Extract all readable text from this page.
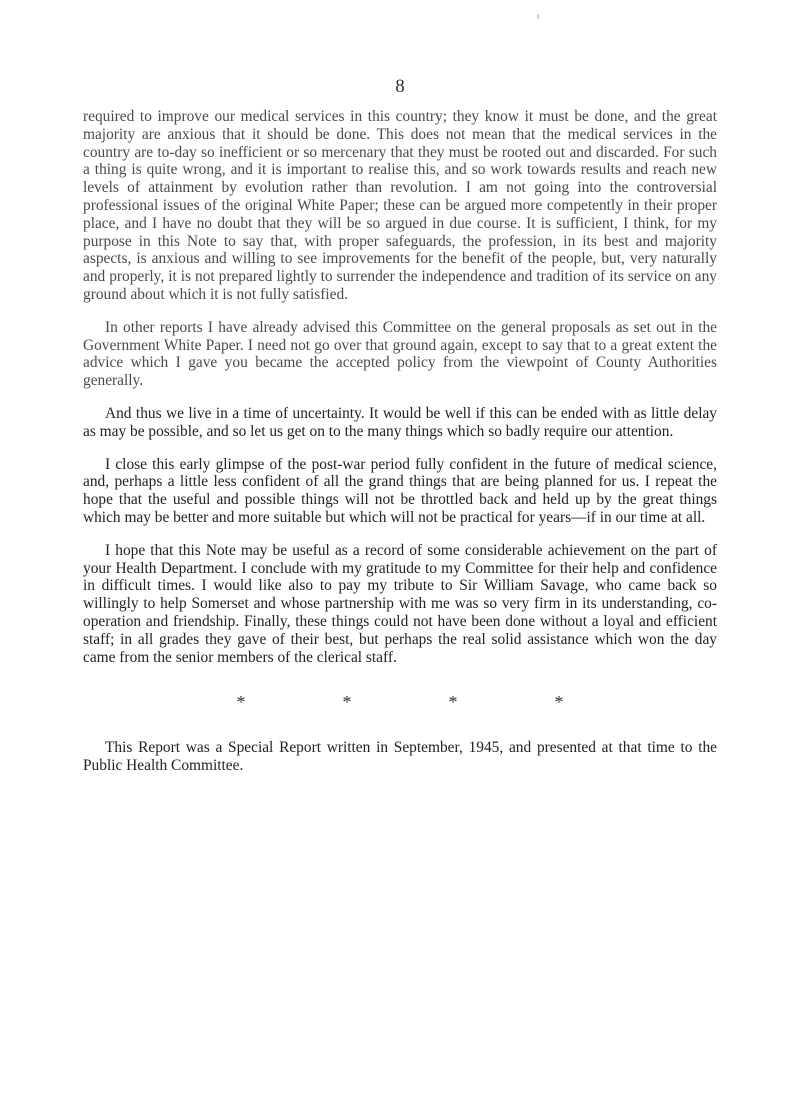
8

required to improve our medical services in this country; they know it must be done, and the great majority are anxious that it should be done. This does not mean that the medical services in the country are to-day so inefficient or so mercenary that they must be rooted out and discarded. For such a thing is quite wrong, and it is important to realise this, and so work towards results and reach new levels of attainment by evolution rather than revolution. I am not going into the controversial professional issues of the original White Paper; these can be argued more competently in their proper place, and I have no doubt that they will be so argued in due course. It is sufficient, I think, for my purpose in this Note to say that, with proper safeguards, the profession, in its best and majority aspects, is anxious and willing to see improvements for the benefit of the people, but, very naturally and properly, it is not prepared lightly to surrender the independence and tradition of its service on any ground about which it is not fully satisfied.

In other reports I have already advised this Committee on the general proposals as set out in the Government White Paper. I need not go over that ground again, except to say that to a great extent the advice which I gave you became the accepted policy from the viewpoint of County Authorities generally.

And thus we live in a time of uncertainty. It would be well if this can be ended with as little delay as may be possible, and so let us get on to the many things which so badly require our attention.

I close this early glimpse of the post-war period fully confident in the future of medical science, and, perhaps a little less confident of all the grand things that are being planned for us. I repeat the hope that the useful and possible things will not be throttled back and held up by the great things which may be better and more suitable but which will not be practical for years—if in our time at all.

I hope that this Note may be useful as a record of some considerable achievement on the part of your Health Department. I conclude with my gratitude to my Committee for their help and confidence in difficult times. I would like also to pay my tribute to Sir William Savage, who came back so willingly to help Somerset and whose partnership with me was so very firm in its understanding, co-operation and friendship. Finally, these things could not have been done without a loyal and efficient staff; in all grades they gave of their best, but perhaps the real solid assistance which won the day came from the senior members of the clerical staff.

*	*	*	*

This Report was a Special Report written in September, 1945, and presented at that time to the Public Health Committee.
